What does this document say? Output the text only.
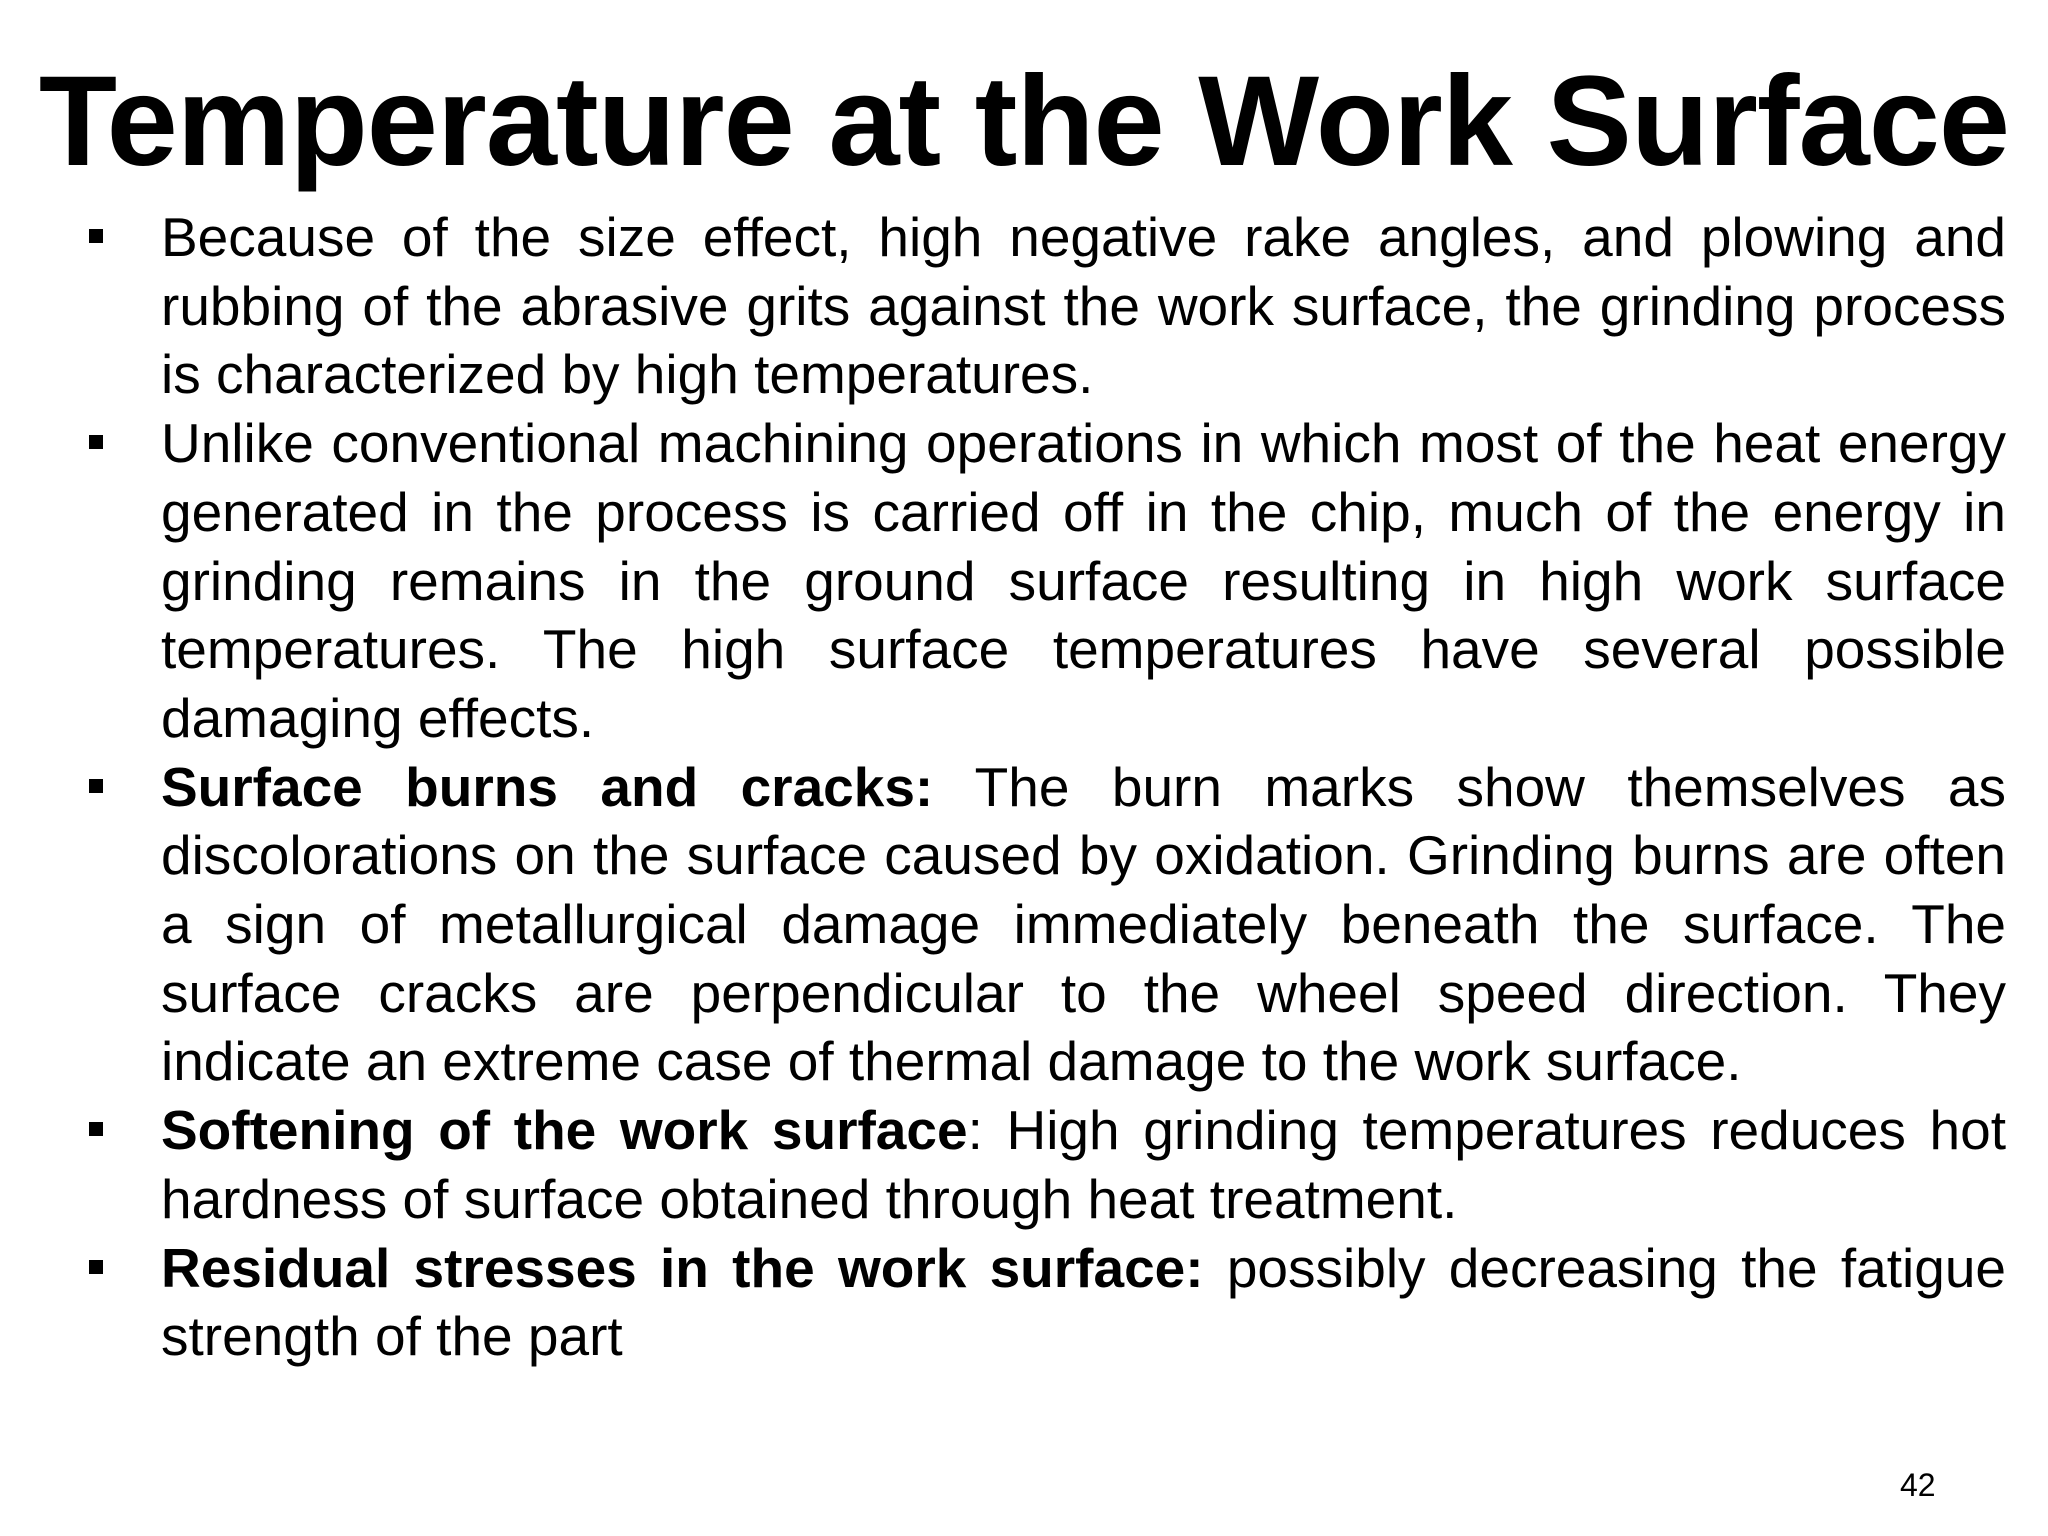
Temperature at the Work Surface
Because of the size effect, high negative rake angles, and plowing and rubbing of the abrasive grits against the work surface, the grinding process is characterized by high temperatures.
Unlike conventional machining operations in which most of the heat energy generated in the process is carried off in the chip, much of the energy in grinding remains in the ground surface resulting in high work surface temperatures. The high surface temperatures have several possible damaging effects.
Surface burns and cracks: The burn marks show themselves as discolorations on the surface caused by oxidation. Grinding burns are often a sign of metallurgical damage immediately beneath the surface. The surface cracks are perpendicular to the wheel speed direction. They indicate an extreme case of thermal damage to the work surface.
Softening of the work surface: High grinding temperatures reduces hot hardness of surface obtained through heat treatment.
Residual stresses in the work surface: possibly decreasing the fatigue strength of the part
42
